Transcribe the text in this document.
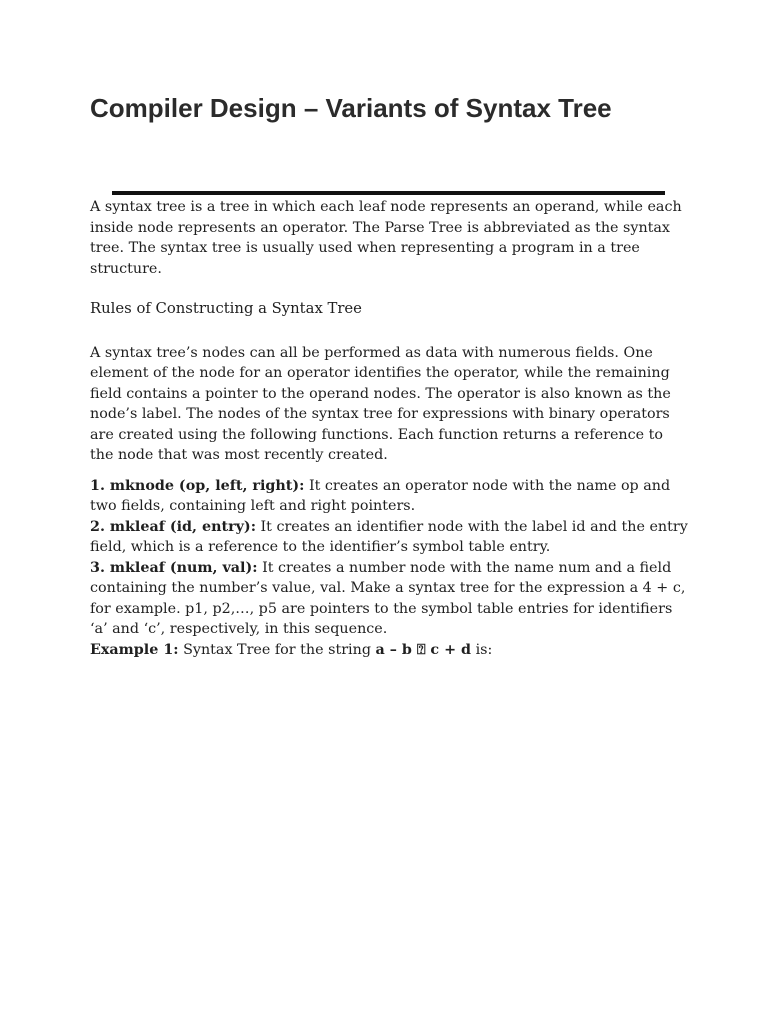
Compiler Design – Variants of Syntax Tree

A syntax tree is a tree in which each leaf node represents an operand, while each inside node represents an operator. The Parse Tree is abbreviated as the syntax tree. The syntax tree is usually used when representing a program in a tree structure.

Rules of Constructing a Syntax Tree

A syntax tree’s nodes can all be performed as data with numerous fields. One element of the node for an operator identifies the operator, while the remaining field contains a pointer to the operand nodes. The operator is also known as the node’s label. The nodes of the syntax tree for expressions with binary operators are created using the following functions. Each function returns a reference to the node that was most recently created.

1. mknode (op, left, right): It creates an operator node with the name op and two fields, containing left and right pointers.

2. mkleaf (id, entry): It creates an identifier node with the label id and the entry field, which is a reference to the identifier’s symbol table entry.

3. mkleaf (num, val): It creates a number node with the name num and a field containing the number’s value, val. Make a syntax tree for the expression a 4 + c, for example. p1, p2,…, p5 are pointers to the symbol table entries for identifiers ‘a’ and ‘c’, respectively, in this sequence.

Example 1: Syntax Tree for the string a – b ⍰ c + d is:
